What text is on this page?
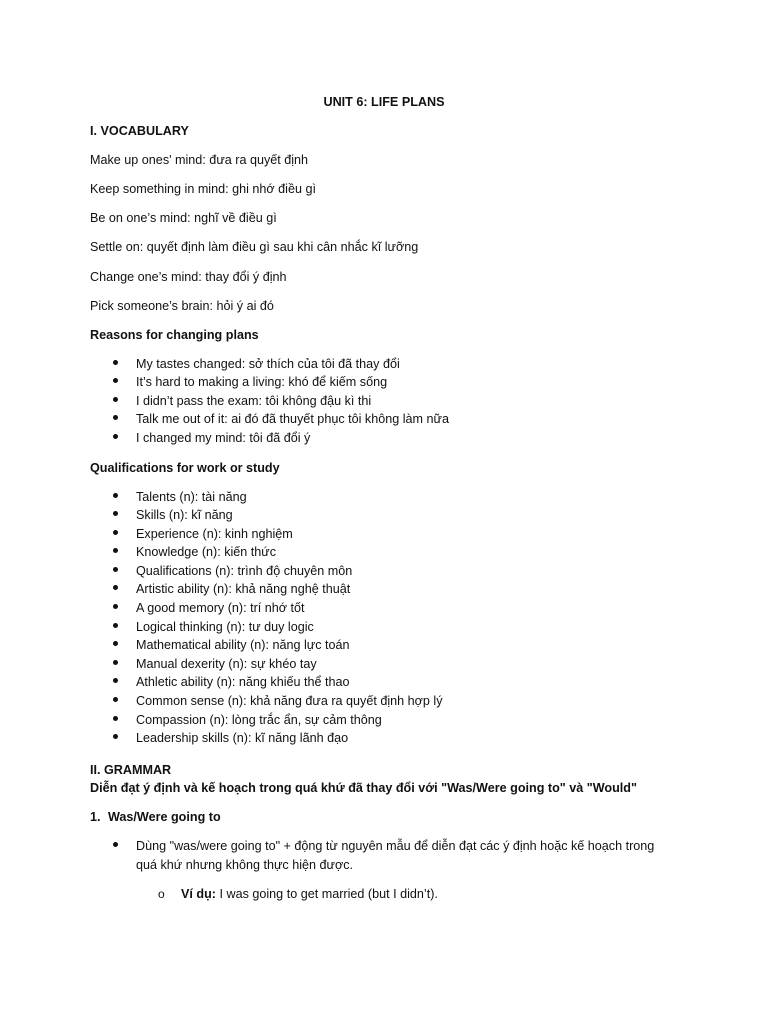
UNIT 6: LIFE PLANS
I. VOCABULARY
Make up ones' mind: đưa ra quyết định
Keep something in mind: ghi nhớ điều gì
Be on one’s mind: nghĩ về điều gì
Settle on: quyết định làm điều gì sau khi cân nhắc kĩ lưỡng
Change one’s mind: thay đổi ý định
Pick someone’s brain: hỏi ý ai đó
Reasons for changing plans
My tastes changed: sở thích của tôi đã thay đổi
It’s hard to making a living: khó để kiếm sống
I didn’t pass the exam: tôi không đậu kì thi
Talk me out of it: ai đó đã thuyết phục tôi không làm nữa
I changed my mind: tôi đã đổi ý
Qualifications for work or study
Talents (n): tài năng
Skills (n): kĩ năng
Experience (n): kinh nghiệm
Knowledge (n): kiến thức
Qualifications (n): trình độ chuyên môn
Artistic ability (n): khả năng nghệ thuật
A good memory (n): trí nhớ tốt
Logical thinking (n): tư duy logic
Mathematical ability (n): năng lực toán
Manual dexerity (n): sự khéo tay
Athletic ability (n): năng khiếu thể thao
Common sense (n): khả năng đưa ra quyết định hợp lý
Compassion (n): lòng trắc ẩn, sự cảm thông
Leadership skills (n): kĩ năng lãnh đạo
II. GRAMMAR
Diễn đạt ý định và kế hoạch trong quá khứ đã thay đổi với "Was/Were going to" và "Would"
1. Was/Were going to
Dùng "was/were going to" + động từ nguyên mẫu để diễn đạt các ý định hoặc kế hoạch trong
quá khứ nhưng không thực hiện được.
o Ví dụ: I was going to get married (but I didn’t).
